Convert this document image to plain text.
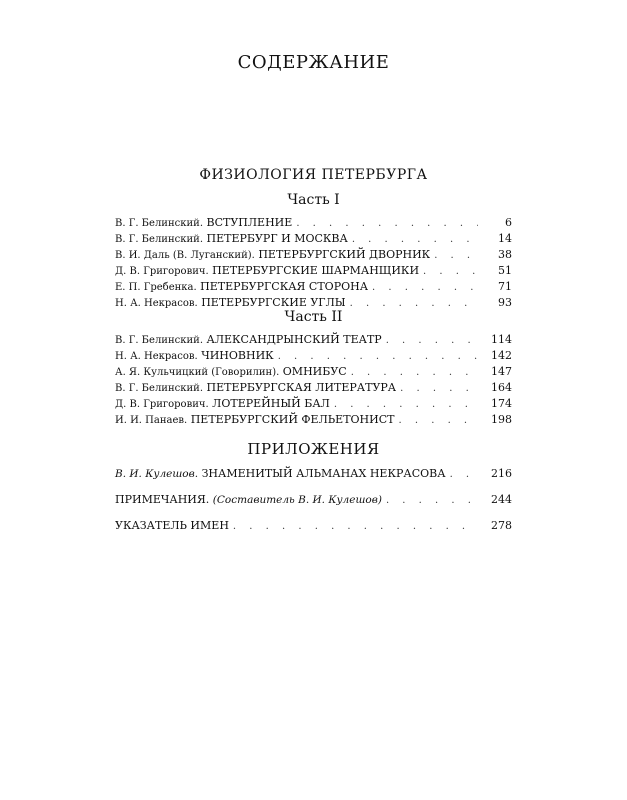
СОДЕРЖАНИЕ
ФИЗИОЛОГИЯ ПЕТЕРБУРГА
Часть I
В. Г. Белинский. ВСТУПЛЕНИЕ . . .	6
В. Г. Белинский. ПЕТЕРБУРГ И МОСКВА . . .	14
В. И. Даль (В. Луганский). ПЕТЕРБУРГСКИЙ ДВОРНИК . . .	38
Д. В. Григорович. ПЕТЕРБУРГСКИЕ ШАРМАНЩИКИ . . .	51
Е. П. Гребенка. ПЕТЕРБУРГСКАЯ СТОРОНА . . .	71
Н. А. Некрасов. ПЕТЕРБУРГСКИЕ УГЛЫ . . .	93
Часть II
В. Г. Белинский. АЛЕКСАНДРЫНСКИЙ ТЕАТР . . .	114
Н. А. Некрасов. ЧИНОВНИК . . .	142
А. Я. Кульчицкий (Говорилин). ОМНИБУС . . .	147
В. Г. Белинский. ПЕТЕРБУРГСКАЯ ЛИТЕРАТУРА . . .	164
Д. В. Григорович. ЛОТЕРЕЙНЫЙ БАЛ . . .	174
И. И. Панаев. ПЕТЕРБУРГСКИЙ ФЕЛЬЕТОНИСТ . . .	198
ПРИЛОЖЕНИЯ
В. И. Кулешов. ЗНАМЕНИТЫЙ АЛЬМАНАХ НЕКРАСОВА . . .	216
ПРИМЕЧАНИЯ. (Составитель В. И. Кулешов) . . .	244
УКАЗАТЕЛЬ ИМЕН . . .	278
